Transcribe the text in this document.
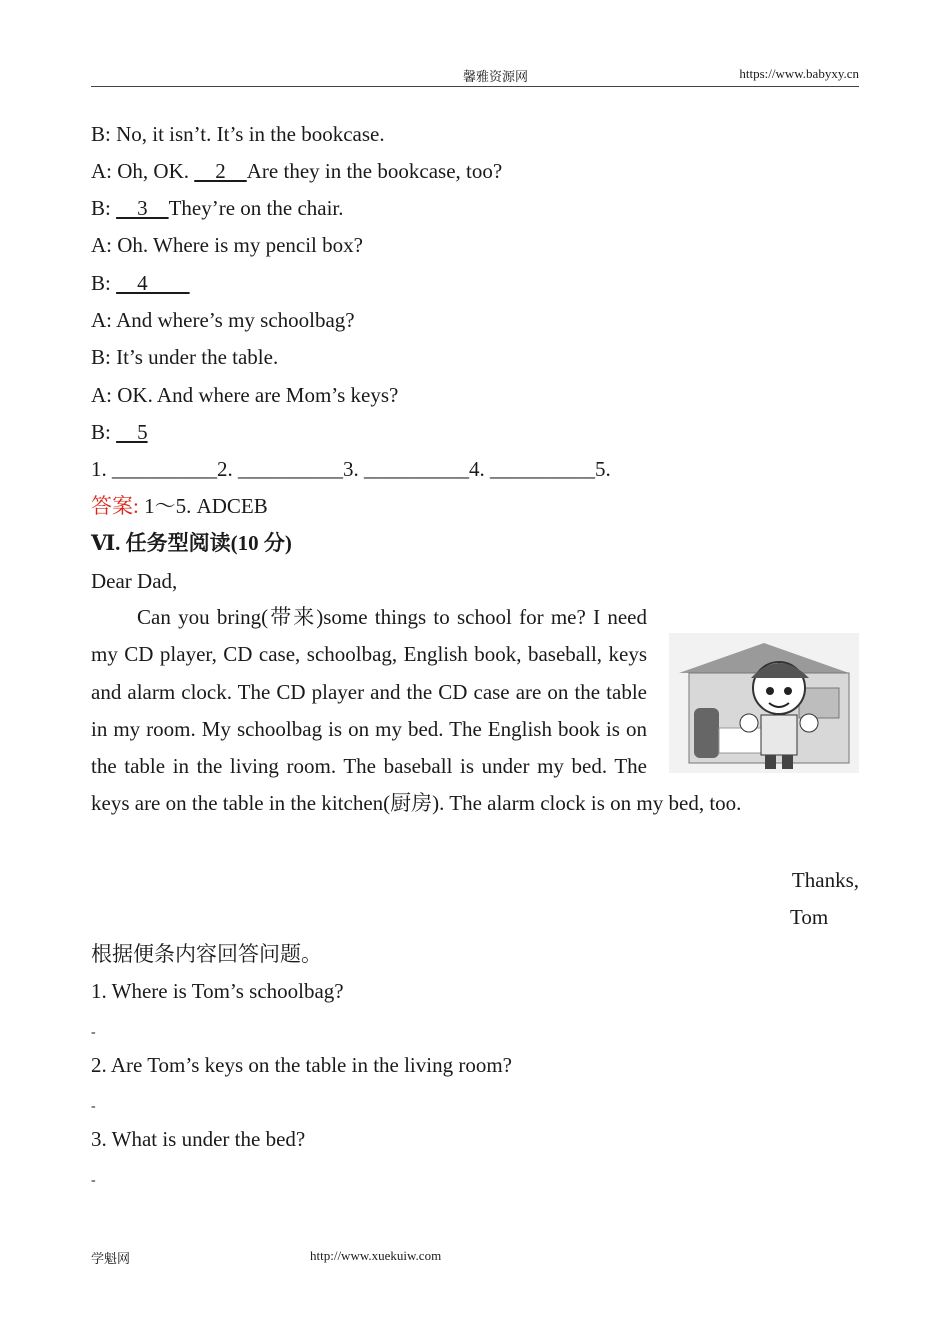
馨雅资源网	https://www.babyxy.cn
B: No, it isn’t. It’s in the bookcase.
A: Oh, OK.     2    Are they in the bookcase, too?
B:     3    They’re on the chair.
A: Oh. Where is my pencil box?
B:     4
A: And where’s my schoolbag?
B: It’s under the table.
A: OK. And where are Mom’s keys?
B:     5
1. __________2. __________3. __________4. __________5.
答案: 1～5. ADCEB
Ⅵ. 任务型阅读(10 分)
Dear Dad,
Can you bring(带来)some things to school for me? I need my CD player, CD case, schoolbag, English book, baseball, keys and alarm clock. The CD player and the CD case are on the table in my room. My schoolbag is on my bed. The English book is on the table in the living room. The baseball is under my bed. The keys are on the table in the kitchen(厨房). The alarm clock is on my bed, too.
Thanks,
Tom
根据便条内容回答问题。
1. Where is Tom’s schoolbag?
-
2. Are Tom’s keys on the table in the living room?
-
3. What is under the bed?
-
学魁网	http://www.xuekuiw.com
